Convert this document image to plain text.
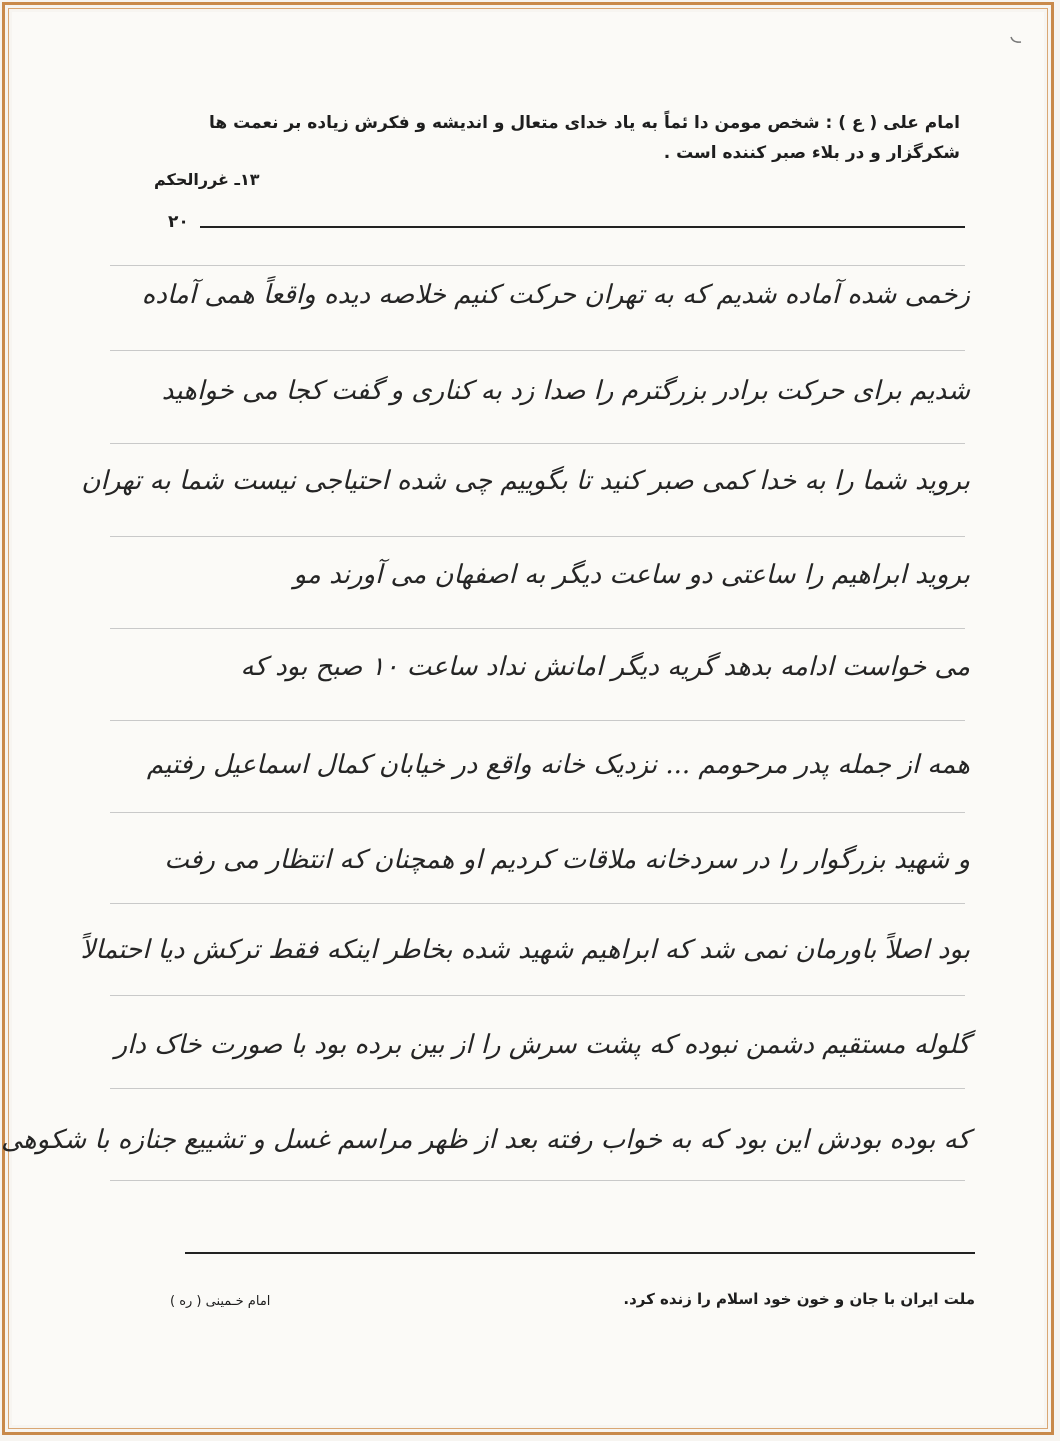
امام علی ( ع ) : شخص مومن دا ئماً به یاد خدای متعال و اندیشه و فکرش زیاده بر نعمت ها
شکرگزار و در بلاء صبر کننده است .
۱۳ـ غررالحکم
۲۰
زخمی شده آماده شدیم که به تهران حرکت کنیم خلاصه دیده واقعاً همی آماده
شدیم برای حرکت برادر بزرگترم را صدا زد به کناری و گفت کجا می خواهید
بروید شما را به خدا کمی صبر کنید تا بگوییم چی شده احتیاجی نیست شما به تهران
بروید ابراهیم را ساعتی دو ساعت دیگر به اصفهان می آورند مو
می خواست ادامه بدهد گریه دیگر امانش نداد ساعت ۱۰ صبح بود که
همه از جمله پدر مرحومم ... نزدیک خانه واقع در خیابان کمال اسماعیل رفتیم
و شهید بزرگوار را در سردخانه ملاقات کردیم او همچنان که انتظار می رفت
بود اصلاً باورمان نمی شد که ابراهیم شهید شده بخاطر اینکه فقط ترکش دیا احتمالاً
گلوله مستقیم دشمن نبوده که پشت سرش را از بین برده بود با صورت خاک دار
که بوده بودش این بود که به خواب رفته بعد از ظهر مراسم غسل و تشییع جنازه با شکوهی
ملت ایران با جان و خون خود اسلام را زنده کرد.
امام خـمینی ( ره )
